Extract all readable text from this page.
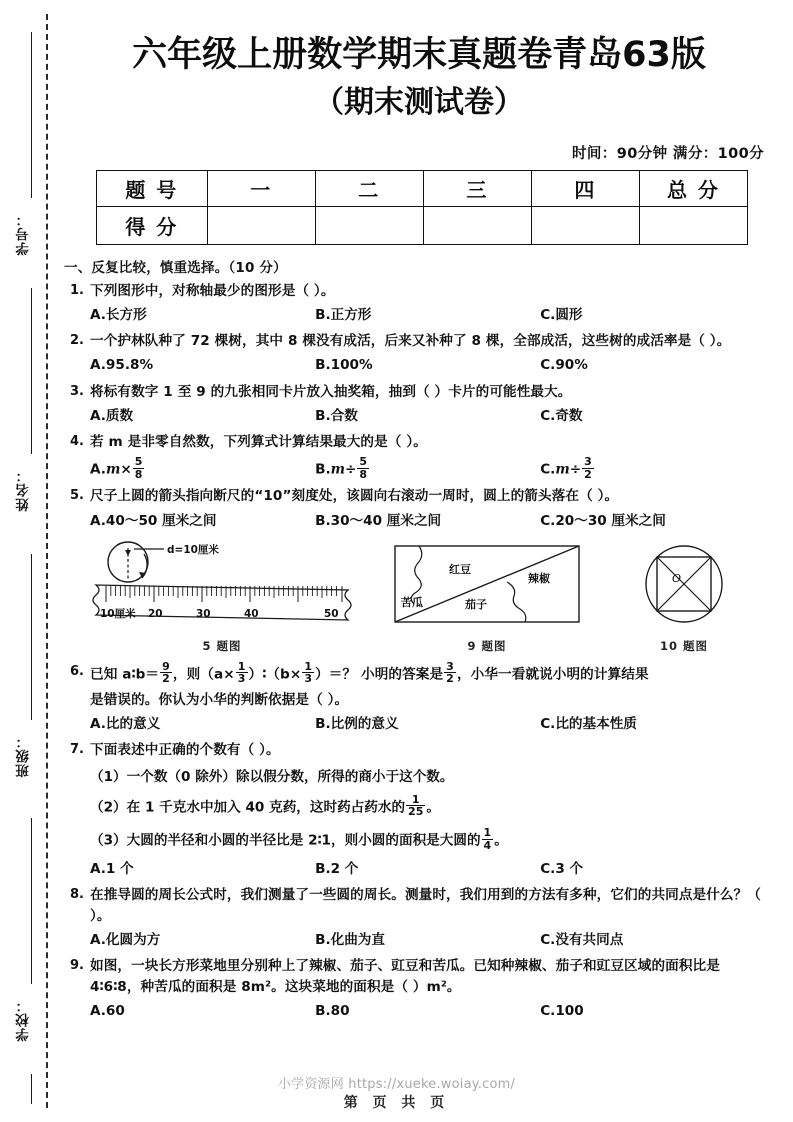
学号：
姓名：
班级：
学校：
六年级上册数学期末真题卷青岛63版
（期末测试卷）
时间：90分钟 满分：100分
题 号	一	二	三	四	总 分
得 分					
一、反复比较，慎重选择。（10 分）
1. 下列图形中，对称轴最少的图形是（ ）。
A.长方形	B.正方形	C.圆形
2. 一个护林队种了 72 棵树，其中 8 棵没有成活，后来又补种了 8 棵，全部成活，这些树的成活率是（ ）。
A.95.8%	B.100%	C.90%
3. 将标有数字 1 至 9 的九张相同卡片放入抽奖箱，抽到（ ）卡片的可能性最大。
A.质数	B.合数	C.奇数
4. 若 m 是非零自然数，下列算式计算结果最大的是（ ）。
$A.m\times \frac{5}{8}$	$B.m\div \frac{5}{8}$	$C.m\div \frac{3}{2}$
5. 尺子上圆的箭头指向断尺的“10”刻度处，该圆向右滚动一周时，圆上的箭头落在（ ）。
A.40～50 厘米之间	B.30～40 厘米之间	C.20～30 厘米之间
d=10厘米
10厘米 20	30	40	50
5 题图
红豆
辣椒
苦瓜	茄子
9 题图
O
10 题图
6. 已知 a∶b＝ $\frac{9}{2}$ ，则（$a\times \frac{1}{3}$ ）∶（b× $\frac{1}{3}$ ）＝？ 小明的答案是 $\frac{3}{2}$ ，小华一看就说小明的计算结果
是错误的。你认为小华的判断依据是（ ）。
A.比的意义	B.比例的意义	C.比的基本性质
7. 下面表述中正确的个数有（ ）。
（1）一个数（0 除外）除以假分数，所得的商小于这个数。
（2）在 1 千克水中加入 40 克药，这时药占药水的 $\frac{1}{25}$ 。
（3）大圆的半径和小圆的半径比是 2∶1，则小圆的面积是大圆的 $\frac{1}{4}$ 。
A.1 个	B.2 个	C.3 个
8. 在推导圆的周长公式时，我们测量了一些圆的周长。测量时，我们用到的方法有多种，它们的共同点是什么？（ ）。
A.化圆为方	B.化曲为直	C.没有共同点
9. 如图，一块长方形菜地里分别种上了辣椒、茄子、豇豆和苦瓜。已知种辣椒、茄子和豇豆区域的面积比是 4∶6∶8，种苦瓜的面积是 8m²。这块菜地的面积是（ ）m²。
A.60	B.80	C.100
小学资源网 https://xueke.woiay.com/
第 页 共 页
